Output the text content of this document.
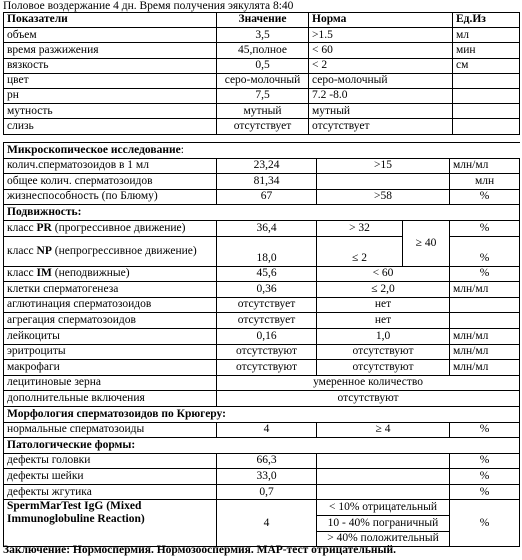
Половое воздержание 4 дн. Время получения эякулята 8:40
Показатели	Значение	Норма	Ед.Из
объем	3,5	>1.5	мл
время разжижения	45,полное	< 60	мин
вязкость	0,5	< 2	см
цвет	серо-молочный	серо-молочный	
рн	7,5	7.2 -8.0	
мутность	мутный	мутный	
слизь	отсутствует	отсутствует	
Микроскопическое исследование:				
колич.сперматозоидов в 1 мл	23,24	>15		млн/мл
общее колич. сперматозоидов	81,34			млн
жизнеспособность (по Блюму)	67	>58		%
Подвижность:				
класс PR (прогрессивное движение)	36,4	> 32	≥ 40	%
класс NP (непрогрессивное движение)	18,0	≤ 2		%
класс IM (неподвижные)	45,6	< 60		%
клетки сперматогенеза	0,36	≤ 2,0		млн/мл
аглютинация сперматозоидов	отсутствует	нет		
агрегация сперматозоидов	отсутствует	нет		
лейкоциты	0,16	1,0		млн/мл
эритроциты	отсутствуют	отсутствуют		млн/мл
макрофаги	отсутствуют	отсутствуют		млн/мл
лецитиновые зерна	умеренное количество			
дополнительные включения	отсутствуют			
Морфология сперматозоидов по Крюгеру:				
нормальные сперматозоиды	4	≥ 4		%
Патологические формы:				
дефекты головки	66,3			%
дефекты шейки	33,0			%
дефекты жгутика	0,7			%
SpermMarTest IgG (Mixed Immunoglobuline Reaction)	4	< 10% отрицательный		%
		10 - 40% пограничный		
		> 40% положительный		
Заключение: Нормоспермия. Нормозооспермия. МАР-тест отрицательный.
